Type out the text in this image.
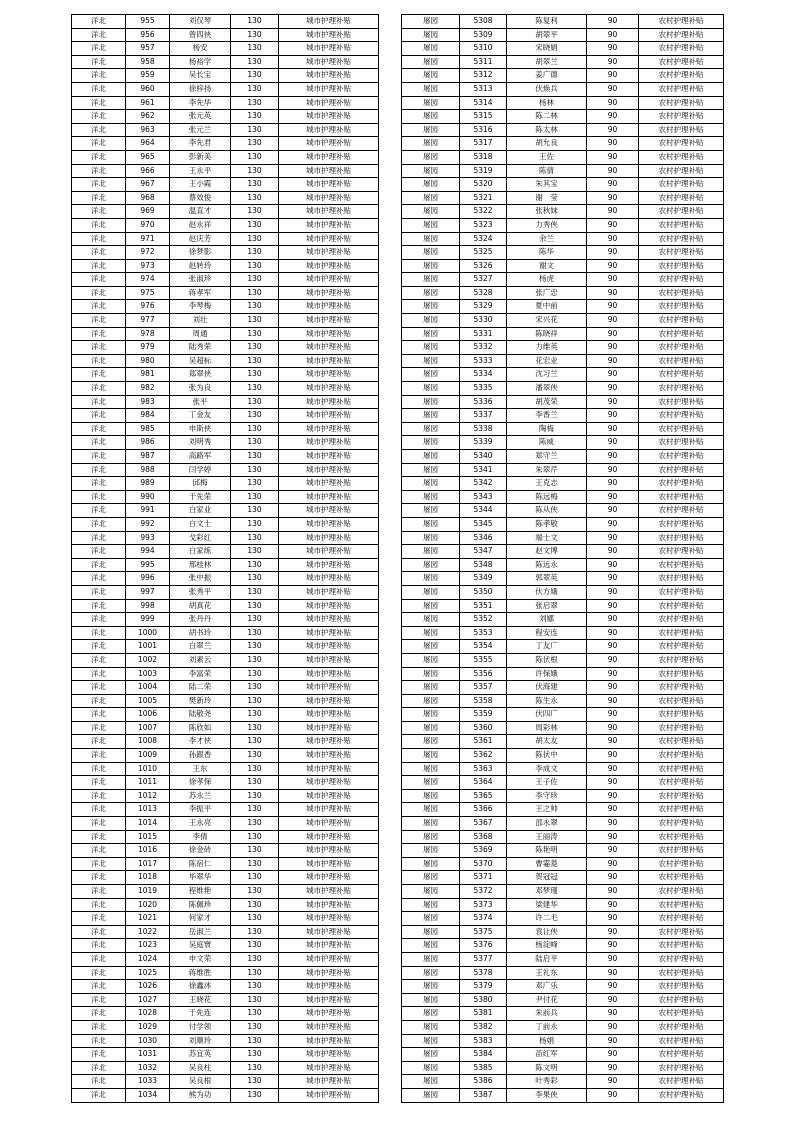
洋北	955	刘仅琴	130	城市护理补贴
洋北	956	曾四侠	130	城市护理补贴
洋北	957	杨安	130	城市护理补贴
洋北	958	杨裕学	130	城市护理补贴
洋北	959	吴长宝	130	城市护理补贴
洋北	960	徐梓扬	130	城市护理补贴
洋北	961	李先华	130	城市护理补贴
洋北	962	张元英	130	城市护理补贴
洋北	963	张元兰	130	城市护理补贴
洋北	964	李先君	130	城市护理补贴
洋北	965	彭新美	130	城市护理补贴
洋北	966	王永平	130	城市护理补贴
洋北	967	王小霞	130	城市护理补贴
洋北	968	蔡效俊	130	城市护理补贴
洋北	969	温直才	130	城市护理补贴
洋北	970	赵永祥	130	城市护理补贴
洋北	971	赵庆芳	130	城市护理补贴
洋北	972	徐梦影	130	城市护理补贴
洋北	973	赵转玲	130	城市护理补贴
洋北	974	张淑珍	130	城市护理补贴
洋北	975	蒋孝军	130	城市护理补贴
洋北	976	李琴梅	130	城市护理补贴
洋北	977	刘壮	130	城市护理补贴
洋北	978	周通	130	城市护理补贴
洋北	979	陆秀荣	130	城市护理补贴
洋北	980	吴超标	130	城市护理补贴
洋北	981	郑翠侠	130	城市护理补贴
洋北	982	张为良	130	城市护理补贴
洋北	983	张平	130	城市护理补贴
洋北	984	丁金友	130	城市护理补贴
洋北	985	申斯侠	130	城市护理补贴
洋北	986	刘明秀	130	城市护理补贴
洋北	987	高路军	130	城市护理补贴
洋北	988	闫学婷	130	城市护理补贴
洋北	989	邱梅	130	城市护理补贴
洋北	990	于先荣	130	城市护理补贴
洋北	991	白家业	130	城市护理补贴
洋北	992	白文士	130	城市护理补贴
洋北	993	戈彩红	130	城市护理补贴
洋北	994	白家练	130	城市护理补贴
洋北	995	邢桂林	130	城市护理补贴
洋北	996	张中振	130	城市护理补贴
洋北	997	张秀平	130	城市护理补贴
洋北	998	胡真花	130	城市护理补贴
洋北	999	张丹丹	130	城市护理补贴
洋北	1000	胡书玲	130	城市护理补贴
洋北	1001	白翠兰	130	城市护理补贴
洋北	1002	刘素云	130	城市护理补贴
洋北	1003	李富荣	130	城市护理补贴
洋北	1004	陆二荣	130	城市护理补贴
洋北	1005	樊新玲	130	城市护理补贴
洋北	1006	陆敬尧	130	城市护理补贴
洋北	1007	陈欣如	130	城市护理补贴
洋北	1008	李才侠	130	城市护理补贴
洋北	1009	孙跟香	130	城市护理补贴
洋北	1010	王东	130	城市护理补贴
洋北	1011	徐孝保	130	城市护理补贴
洋北	1012	苏永兰	130	城市护理补贴
洋北	1013	李振平	130	城市护理补贴
洋北	1014	王永亮	130	城市护理补贴
洋北	1015	李倩	130	城市护理补贴
洋北	1016	徐金砖	130	城市护理补贴
洋北	1017	陈宿仁	130	城市护理补贴
洋北	1018	毕翠华	130	城市护理补贴
洋北	1019	程维艳	130	城市护理补贴
洋北	1020	陈佩珍	130	城市护理补贴
洋北	1021	何家才	130	城市护理补贴
洋北	1022	岳淑兰	130	城市护理补贴
洋北	1023	吴庭寰	130	城市护理补贴
洋北	1024	申文荣	130	城市护理补贴
洋北	1025	蒋维胜	130	城市护理补贴
洋北	1026	徐鑫沐	130	城市护理补贴
洋北	1027	王晓花	130	城市护理补贴
洋北	1028	于先连	130	城市护理补贴
洋北	1029	付学领	130	城市护理补贴
洋北	1030	刘顺玲	130	城市护理补贴
洋北	1031	苏宜英	130	城市护理补贴
洋北	1032	吴良柱	130	城市护理补贴
洋北	1033	吴良根	130	城市护理补贴
洋北	1034	熊为功	130	城市护理补贴
屠园	5308	陈复利	90	农村护理补贴
屠园	5309	胡翠平	90	农村护理补贴
屠园	5310	宋晓娟	90	农村护理补贴
屠园	5311	胡翠兰	90	农村护理补贴
屠园	5312	姜广德	90	农村护理补贴
屠园	5313	伏焕兵	90	农村护理补贴
屠园	5314	杨林	90	农村护理补贴
屠园	5315	陈二林	90	农村护理补贴
屠园	5316	陈太林	90	农村护理补贴
屠园	5317	胡允良	90	农村护理补贴
屠园	5318	王佐	90	农村护理补贴
屠园	5319	陈倩	90	农村护理补贴
屠园	5320	朱其宝	90	农村护理补贴
屠园	5321	谢　莹	90	农村护理补贴
屠园	5322	张秋妹	90	农村护理补贴
屠园	5323	力秀侠	90	农村护理补贴
屠园	5324	余兰	90	农村护理补贴
屠园	5325	陈华	90	农村护理补贴
屠园	5326	谢文	90	农村护理补贴
屠园	5327	杨虎	90	农村护理补贴
屠园	5328	张广忠	90	农村护理补贴
屠园	5329	夏中前	90	农村护理补贴
屠园	5330	宋兴花	90	农村护理补贴
屠园	5331	陈晓祥	90	农村护理补贴
屠园	5332	力维英	90	农村护理补贴
屠园	5333	花宏业	90	农村护理补贴
屠园	5334	沈习兰	90	农村护理补贴
屠园	5335	潘翠侠	90	农村护理补贴
屠园	5336	胡茂荣	90	农村护理补贴
屠园	5337	李香兰	90	农村护理补贴
屠园	5338	陶梅	90	农村护理补贴
屠园	5339	陈威	90	农村护理补贴
屠园	5340	郑守兰	90	农村护理补贴
屠园	5341	朱翠芹	90	农村护理补贴
屠园	5342	王克志	90	农村护理补贴
屠园	5343	陈远梅	90	农村护理补贴
屠园	5344	陈从侠	90	农村护理补贴
屠园	5345	陈孝敬	90	农村护理补贴
屠园	5346	端士文	90	农村护理补贴
屠园	5347	赵文博	90	农村护理补贴
屠园	5348	陈远永	90	农村护理补贴
屠园	5349	郭翠英	90	农村护理补贴
屠园	5350	伏方娥	90	农村护理补贴
屠园	5351	张启翠	90	农村护理补贴
屠园	5352	刘娜	90	农村护理补贴
屠园	5353	程安连	90	农村护理补贴
屠园	5354	丁友广	90	农村护理补贴
屠园	5355	陈伏根	90	农村护理补贴
屠园	5356	许保娥	90	农村护理补贴
屠园	5357	伏海建	90	农村护理补贴
屠园	5358	陈生永	90	农村护理补贴
屠园	5359	伏四广	90	农村护理补贴
屠园	5360	周彩林	90	农村护理补贴
屠园	5361	胡太友	90	农村护理补贴
屠园	5362	陈伏中	90	农村护理补贴
屠园	5363	李成文	90	农村护理补贴
屠园	5364	王子佐	90	农村护理补贴
屠园	5365	李守珍	90	农村护理补贴
屠园	5366	王之帅	90	农村护理补贴
屠园	5367	邵永翠	90	农村护理补贴
屠园	5368	王丽涛	90	农村护理补贴
屠园	5369	陈艳明	90	农村护理补贴
屠园	5370	曹霎菱	90	农村护理补贴
屠园	5371	贺冠冠	90	农村护理补贴
屠园	5372	邓梦瑾	90	农村护理补贴
屠园	5373	梁建华	90	农村护理补贴
屠园	5374	许二毛	90	农村护理补贴
屠园	5375	袁让侠	90	农村护理补贴
屠园	5376	杨淀峰	90	农村护理补贴
屠园	5377	陆启平	90	农村护理补贴
屠园	5378	王礼东	90	农村护理补贴
屠园	5379	邓广乐	90	农村护理补贴
屠园	5380	尹付花	90	农村护理补贴
屠园	5381	朱前兵	90	农村护理补贴
屠园	5382	丁前永	90	农村护理补贴
屠园	5383	杨娟	90	农村护理补贴
屠园	5384	苗红军	90	农村护理补贴
屠园	5385	陈文明	90	农村护理补贴
屠园	5386	叶秀彩	90	农村护理补贴
屠园	5387	李果侠	90	农村护理补贴
